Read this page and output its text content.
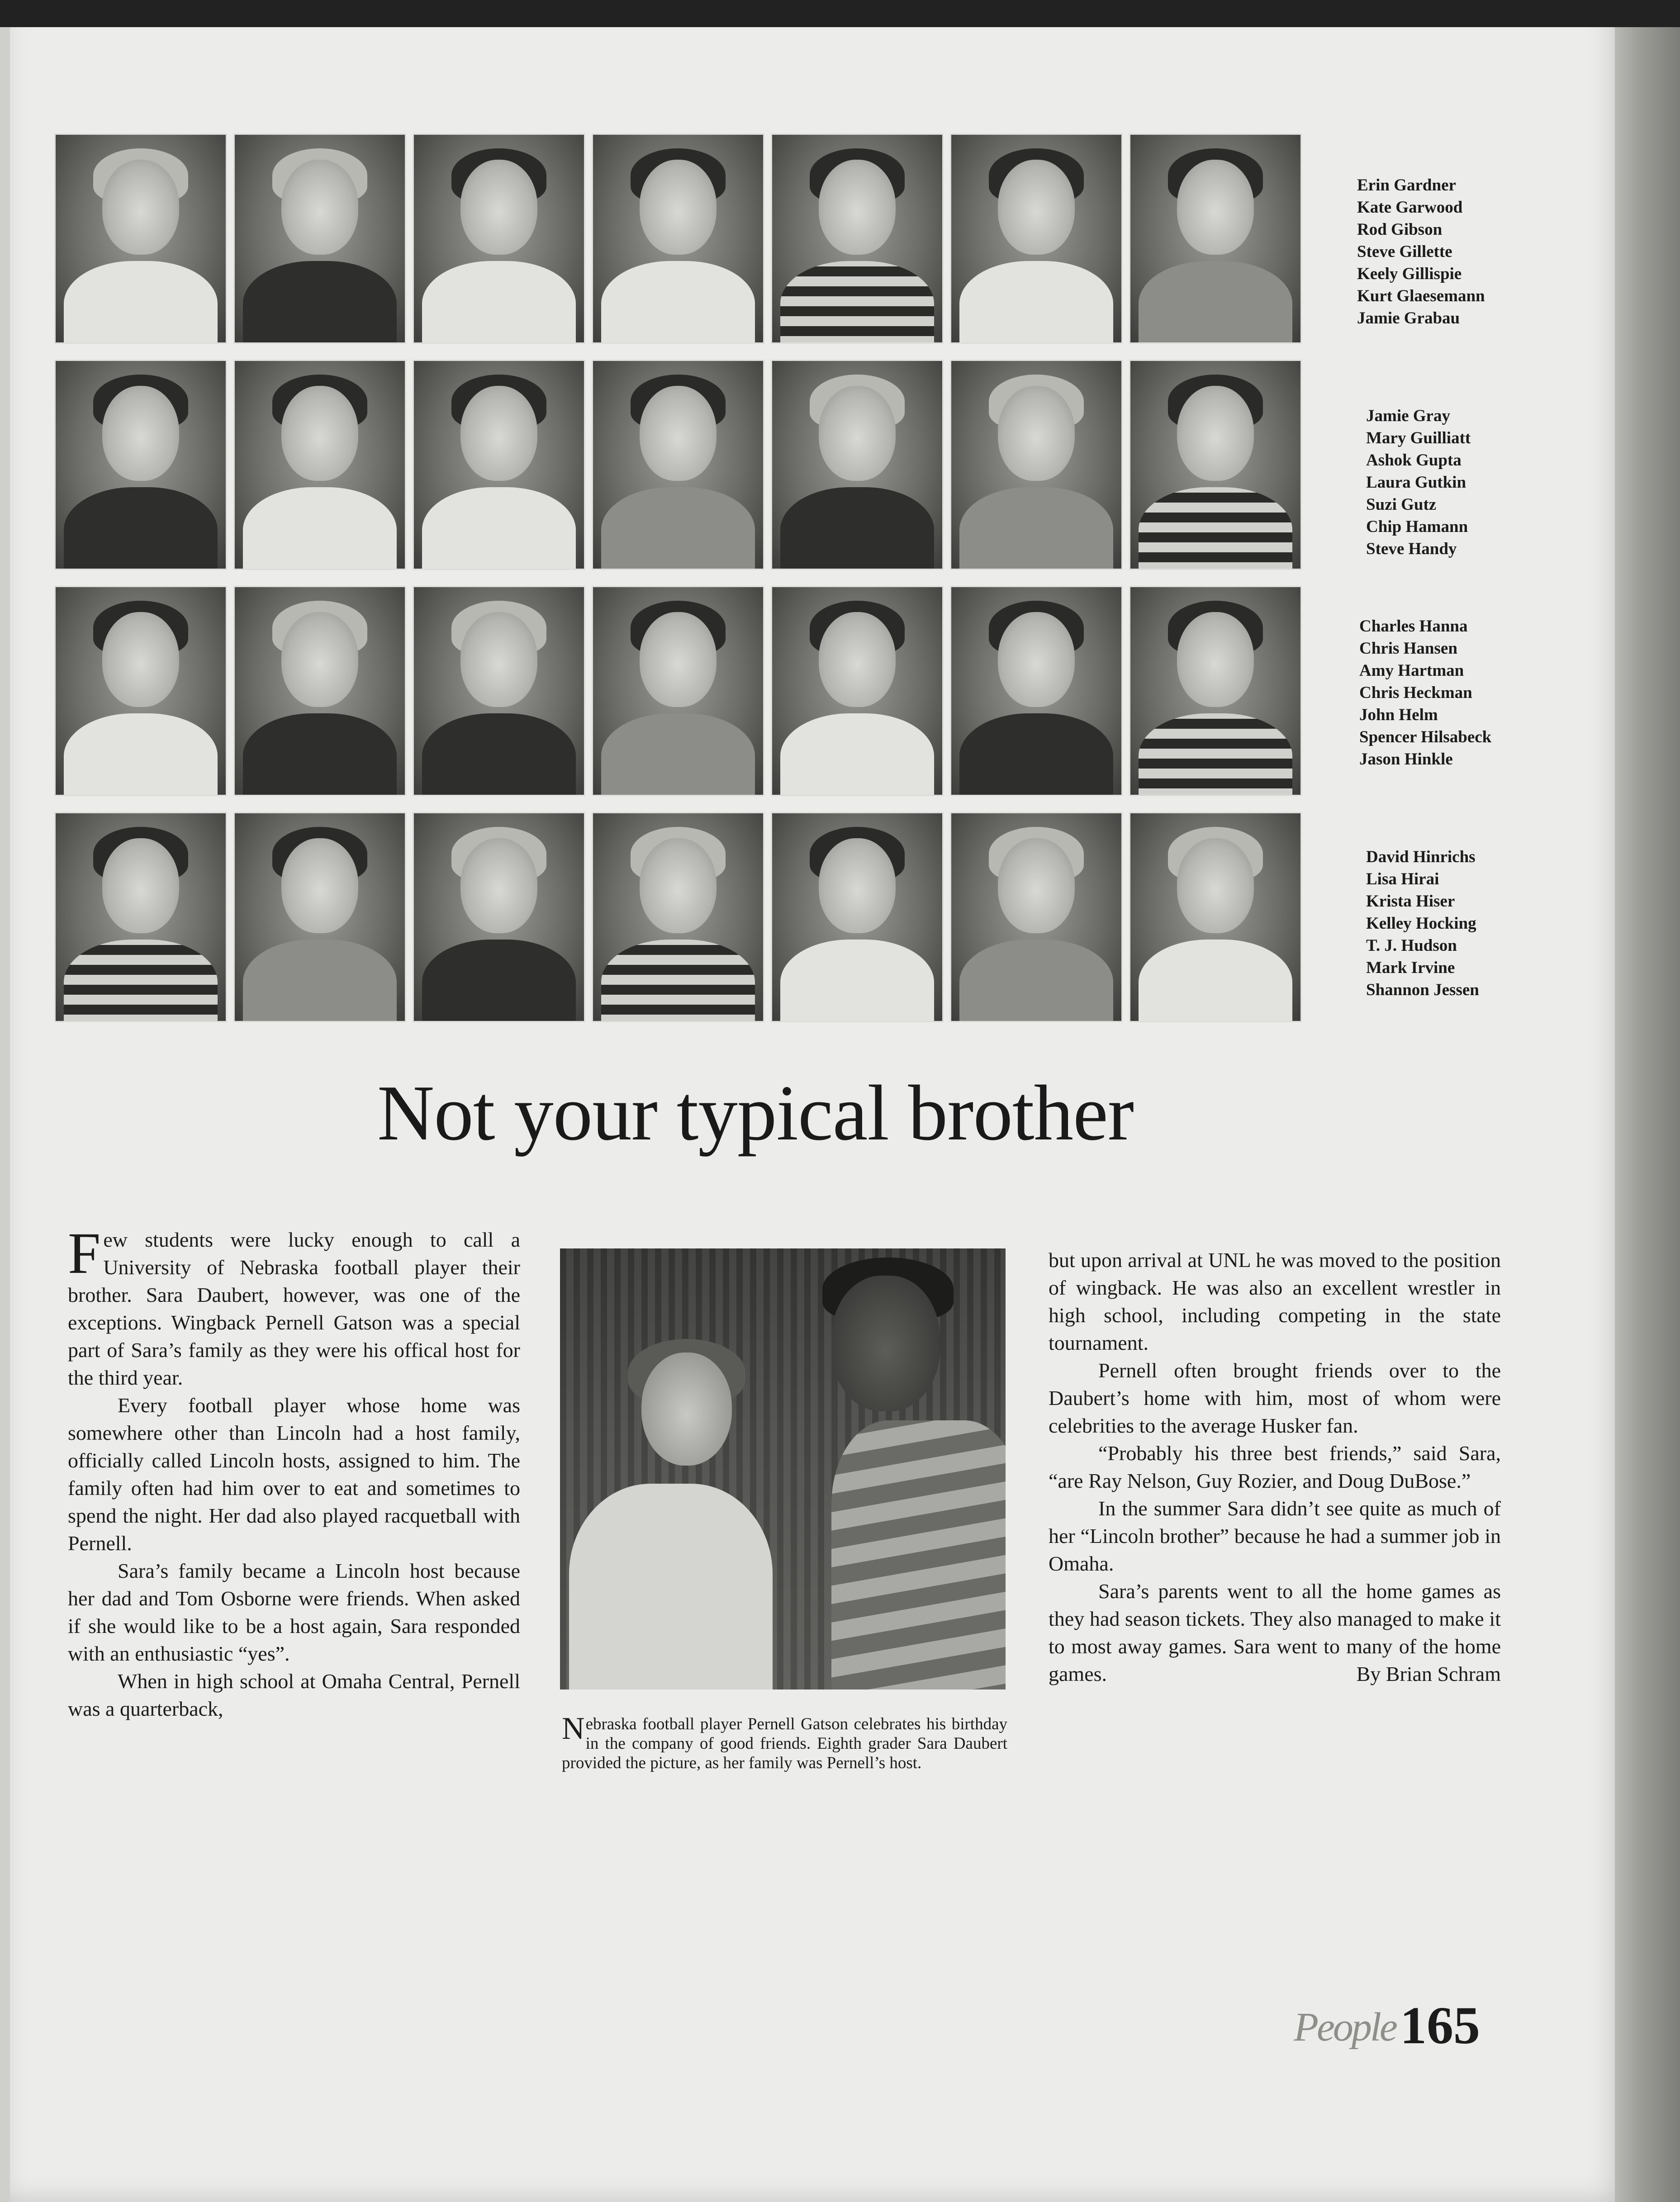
Erin Gardner
Kate Garwood
Rod Gibson
Steve Gillette
Keely Gillispie
Kurt Glaesemann
Jamie Grabau
Jamie Gray
Mary Guilliatt
Ashok Gupta
Laura Gutkin
Suzi Gutz
Chip Hamann
Steve Handy
Charles Hanna
Chris Hansen
Amy Hartman
Chris Heckman
John Helm
Spencer Hilsabeck
Jason Hinkle
David Hinrichs
Lisa Hirai
Krista Hiser
Kelley Hocking
T. J. Hudson
Mark Irvine
Shannon Jessen
Not your typical brother

Few students were lucky enough to call a University of Nebraska football player their brother. Sara Daubert, however, was one of the exceptions. Wingback Pernell Gatson was a special part of Sara’s family as they were his offical host for the third year.

Every football player whose home was somewhere other than Lincoln had a host family, officially called Lincoln hosts, assigned to him. The family often had him over to eat and sometimes to spend the night. Her dad also played racquetball with Pernell.

Sara’s family became a Lincoln host because her dad and Tom Osborne were friends. When asked if she would like to be a host again, Sara responded with an enthusiastic “yes”.

When in high school at Omaha Central, Pernell was a quarterback,

Nebraska football player Pernell Gatson celebrates his birthday in the company of good friends. Eighth grader Sara Daubert provided the picture, as her family was Pernell’s host.

but upon arrival at UNL he was moved to the position of wingback. He was also an excellent wrestler in high school, including competing in the state tournament.

Pernell often brought friends over to the Daubert’s home with him, most of whom were celebrities to the average Husker fan.

“Probably his three best friends,” said Sara, “are Ray Nelson, Guy Rozier, and Doug DuBose.”

In the summer Sara didn’t see quite as much of her “Lincoln brother” because he had a summer job in Omaha.

Sara’s parents went to all the home games as they had season tickets. They also managed to make it to most away games. Sara went to many of the home games.	By Brian Schram

People 165
